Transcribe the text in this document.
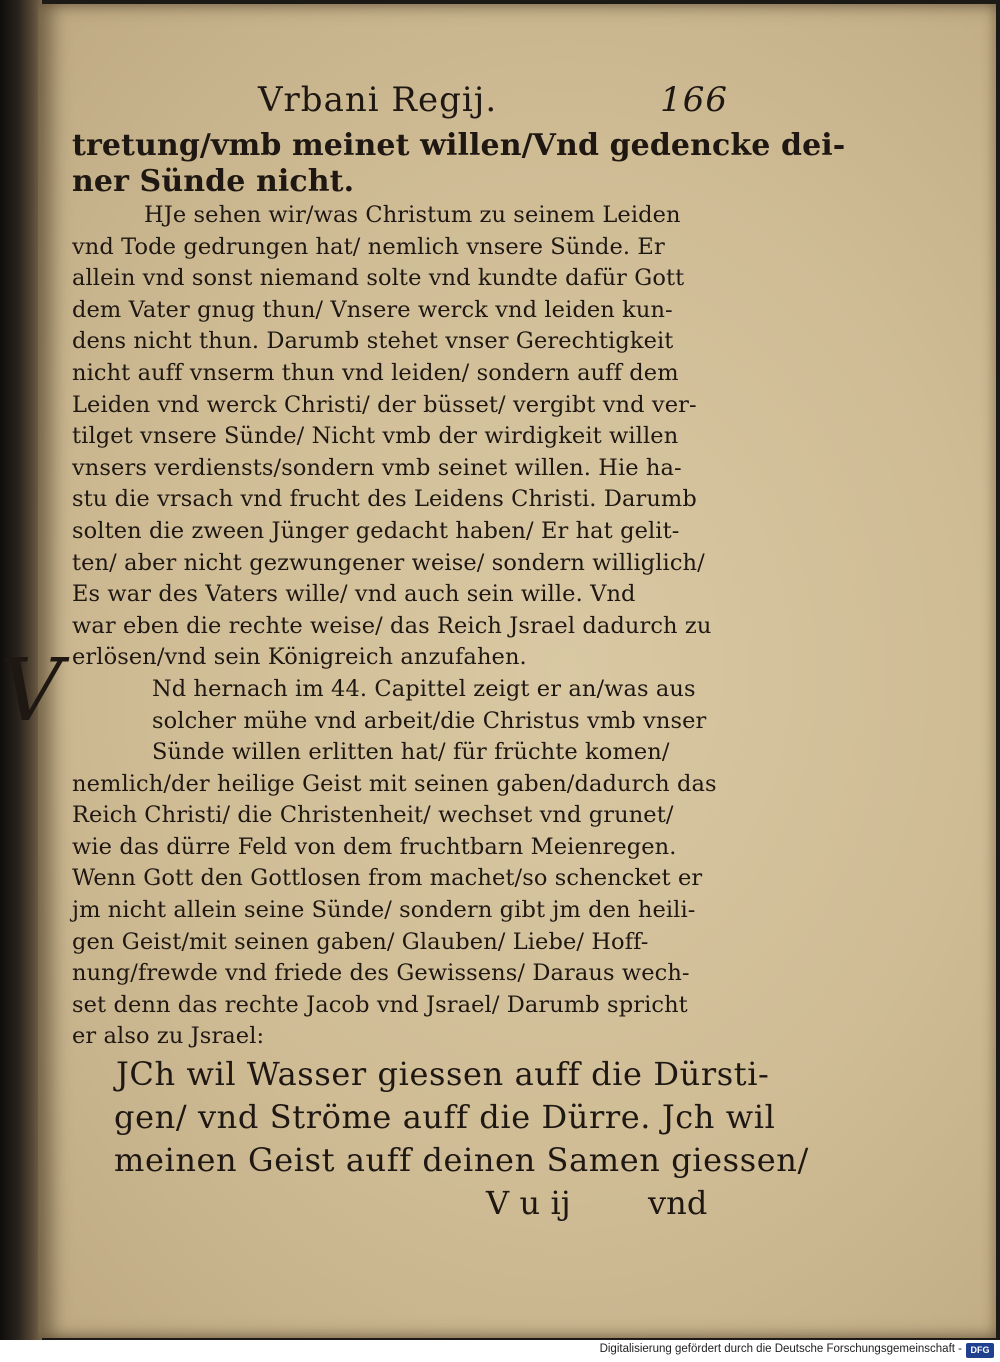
Vrbani Regij.	166
V
tretung/vmb meinet willen/Vnd gedencke dei-
ner Sünde nicht.
HJe sehen wir/was Christum zu seinem Leiden
vnd Tode gedrungen hat/ nemlich vnsere Sünde. Er
allein vnd sonst niemand solte vnd kundte dafür Gott
dem Vater gnug thun/ Vnsere werck vnd leiden kun-
dens nicht thun. Darumb stehet vnser Gerechtigkeit
nicht auff vnserm thun vnd leiden/ sondern auff dem
Leiden vnd werck Christi/ der büsset/ vergibt vnd ver-
tilget vnsere Sünde/ Nicht vmb der wirdigkeit willen
vnsers verdiensts/sondern vmb seinet willen. Hie ha-
stu die vrsach vnd frucht des Leidens Christi. Darumb
solten die zween Jünger gedacht haben/ Er hat gelit-
ten/ aber nicht gezwungener weise/ sondern williglich/
Es war des Vaters wille/ vnd auch sein wille. Vnd
war eben die rechte weise/ das Reich Jsrael dadurch zu
erlösen/vnd sein Königreich anzufahen.
Nd hernach im 44. Capittel zeigt er an/was aus
solcher mühe vnd arbeit/die Christus vmb vnser
Sünde willen erlitten hat/ für früchte komen/
nemlich/der heilige Geist mit seinen gaben/dadurch das
Reich Christi/ die Christenheit/ wechset vnd grunet/
wie das dürre Feld von dem fruchtbarn Meienregen.
Wenn Gott den Gottlosen from machet/so schencket er
jm nicht allein seine Sünde/ sondern gibt jm den heili-
gen Geist/mit seinen gaben/ Glauben/ Liebe/ Hoff-
nung/frewde vnd friede des Gewissens/ Daraus wech-
set denn das rechte Jacob vnd Jsrael/ Darumb spricht
er also zu Jsrael:
JCh wil Wasser giessen auff die Dürsti-
gen/ vnd Ströme auff die Dürre. Jch wil
meinen Geist auff deinen Samen giessen/
V u ij vnd
Digitalisierung gefördert durch die Deutsche Forschungsgemeinschaft - DFG
